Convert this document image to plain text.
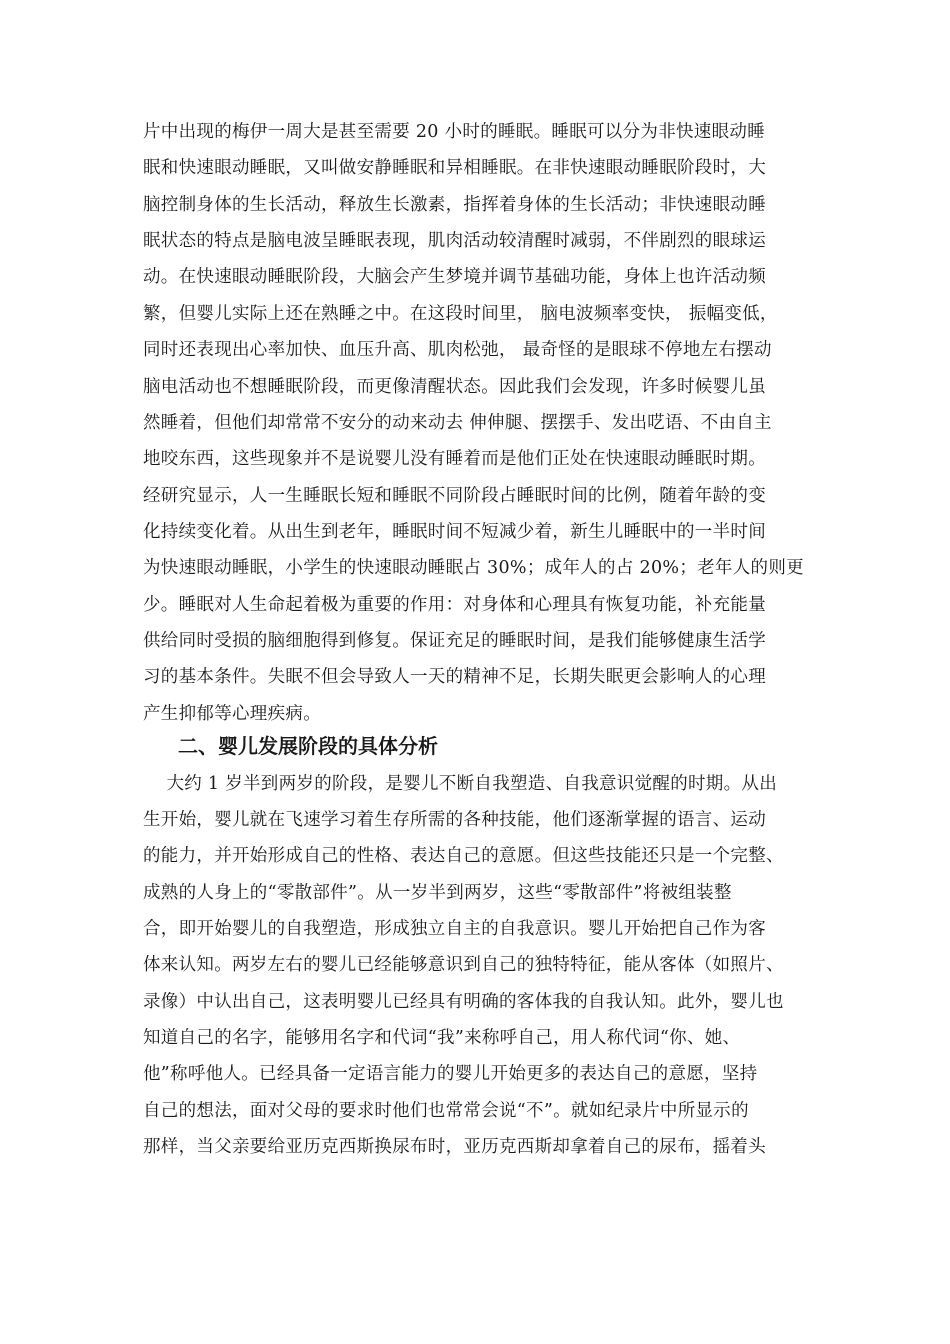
片中出现的梅伊一周大是甚至需要 20 小时的睡眠。睡眠可以分为非快速眼动睡
眠和快速眼动睡眠，又叫做安静睡眠和异相睡眠。在非快速眼动睡眠阶段时，大
脑控制身体的生长活动，释放生长激素，指挥着身体的生长活动；非快速眼动睡
眠状态的特点是脑电波呈睡眠表现，肌肉活动较清醒时减弱，不伴剧烈的眼球运
动。在快速眼动睡眠阶段，大脑会产生梦境并调节基础功能，身体上也许活动频
繁，但婴儿实际上还在熟睡之中。在这段时间里， 脑电波频率变快， 振幅变低，
同时还表现出心率加快、血压升高、肌肉松弛， 最奇怪的是眼球不停地左右摆动
脑电活动也不想睡眠阶段，而更像清醒状态。因此我们会发现，许多时候婴儿虽
然睡着，但他们却常常不安分的动来动去 伸伸腿、摆摆手、发出呓语、不由自主
地咬东西，这些现象并不是说婴儿没有睡着而是他们正处在快速眼动睡眠时期。
经研究显示，人一生睡眠长短和睡眠不同阶段占睡眠时间的比例，随着年龄的变
化持续变化着。从出生到老年，睡眠时间不短减少着，新生儿睡眠中的一半时间
为快速眼动睡眠，小学生的快速眼动睡眠占 30%；成年人的占 20%；老年人的则更
少。睡眠对人生命起着极为重要的作用：对身体和心理具有恢复功能，补充能量
供给同时受损的脑细胞得到修复。保证充足的睡眠时间，是我们能够健康生活学
习的基本条件。失眠不但会导致人一天的精神不足，长期失眠更会影响人的心理
产生抑郁等心理疾病。
二、婴儿发展阶段的具体分析
大约 1 岁半到两岁的阶段，是婴儿不断自我塑造、自我意识觉醒的时期。从出
生开始，婴儿就在飞速学习着生存所需的各种技能，他们逐渐掌握的语言、运动
的能力，并开始形成自己的性格、表达自己的意愿。但这些技能还只是一个完整、
成熟的人身上的“零散部件”。从一岁半到两岁，这些“零散部件”将被组装整
合，即开始婴儿的自我塑造，形成独立自主的自我意识。婴儿开始把自己作为客
体来认知。两岁左右的婴儿已经能够意识到自己的独特特征，能从客体（如照片、
录像）中认出自己，这表明婴儿已经具有明确的客体我的自我认知。此外，婴儿也
知道自己的名字，能够用名字和代词“我”来称呼自己，用人称代词“你、她、
他”称呼他人。已经具备一定语言能力的婴儿开始更多的表达自己的意愿，坚持
自己的想法，面对父母的要求时他们也常常会说“不”。就如纪录片中所显示的
那样，当父亲要给亚历克西斯换尿布时，亚历克西斯却拿着自己的尿布，摇着头
